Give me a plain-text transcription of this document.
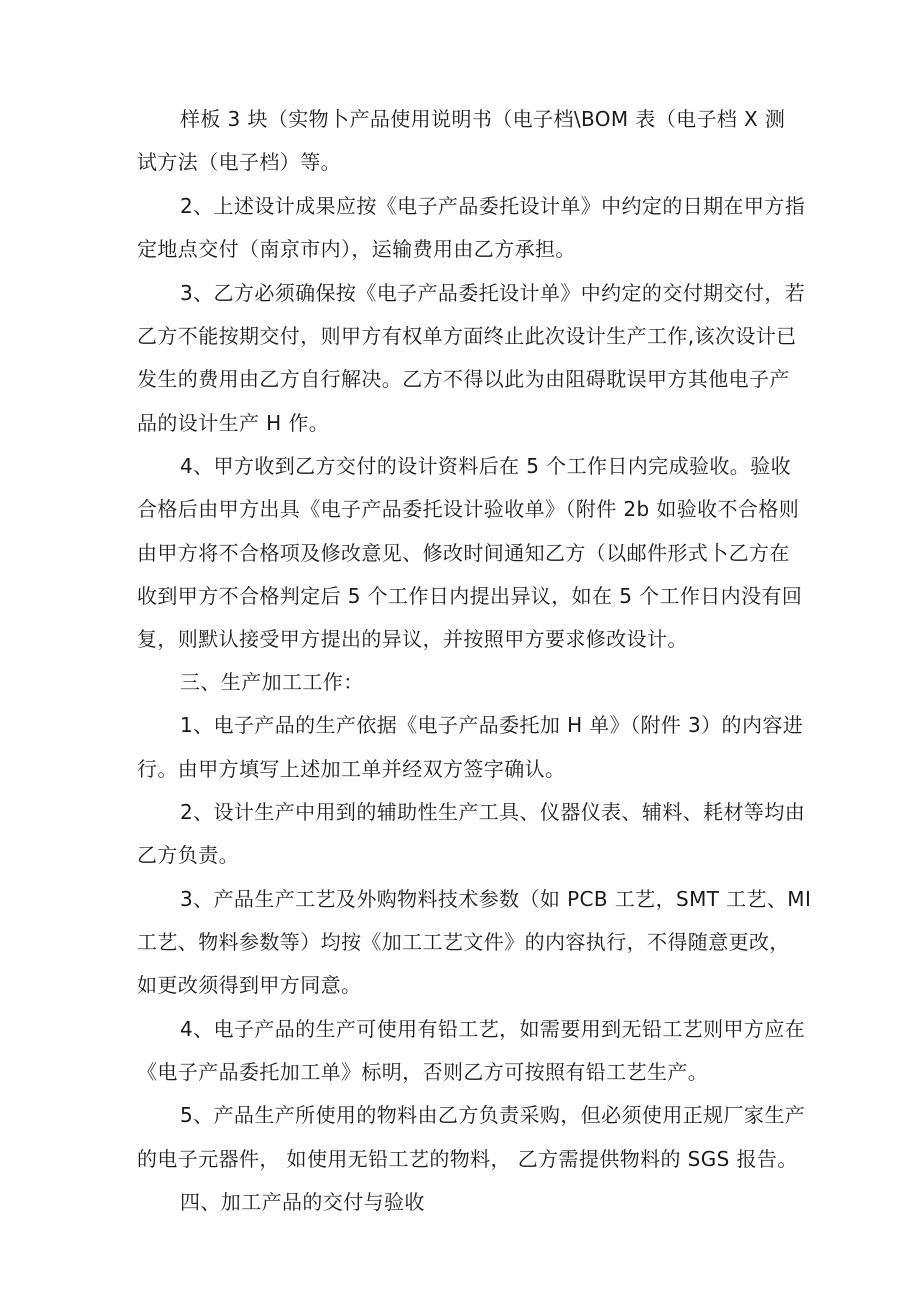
样板 3 块（实物卜产品使用说明书（电子档\BOM 表（电子档 X 测
试方法（电子档）等。
2、上述设计成果应按《电子产品委托设计单》中约定的日期在甲方指
定地点交付（南京市内），运输费用由乙方承担。
3、乙方必须确保按《电子产品委托设计单》中约定的交付期交付，若
乙方不能按期交付，则甲方有权单方面终止此次设计生产工作,该次设计已
发生的费用由乙方自行解决。乙方不得以此为由阻碍耽误甲方其他电子产
品的设计生产 H 作。
4、甲方收到乙方交付的设计资料后在 5 个工作日内完成验收。验收
合格后由甲方出具《电子产品委托设计验收单》（附件 2b 如验收不合格则
由甲方将不合格项及修改意见、修改时间通知乙方（以邮件形式卜乙方在
收到甲方不合格判定后 5 个工作日内提出异议，如在 5 个工作日内没有回
复，则默认接受甲方提出的异议，并按照甲方要求修改设计。
三、生产加工工作：
1、电子产品的生产依据《电子产品委托加 H 单》（附件 3）的内容进
行。由甲方填写上述加工单并经双方签字确认。
2、设计生产中用到的辅助性生产工具、仪器仪表、辅料、耗材等均由
乙方负责。
3、产品生产工艺及外购物料技术参数（如 PCB 工艺，SMT 工艺、MI
工艺、物料参数等）均按《加工工艺文件》的内容执行，不得随意更改，
如更改须得到甲方同意。
4、电子产品的生产可使用有铅工艺，如需要用到无铅工艺则甲方应在
《电子产品委托加工单》标明，否则乙方可按照有铅工艺生产。
5、产品生产所使用的物料由乙方负责采购，但必须使用正规厂家生产
的电子元器件， 如使用无铅工艺的物料， 乙方需提供物料的 SGS 报告。
四、加工产品的交付与验收
